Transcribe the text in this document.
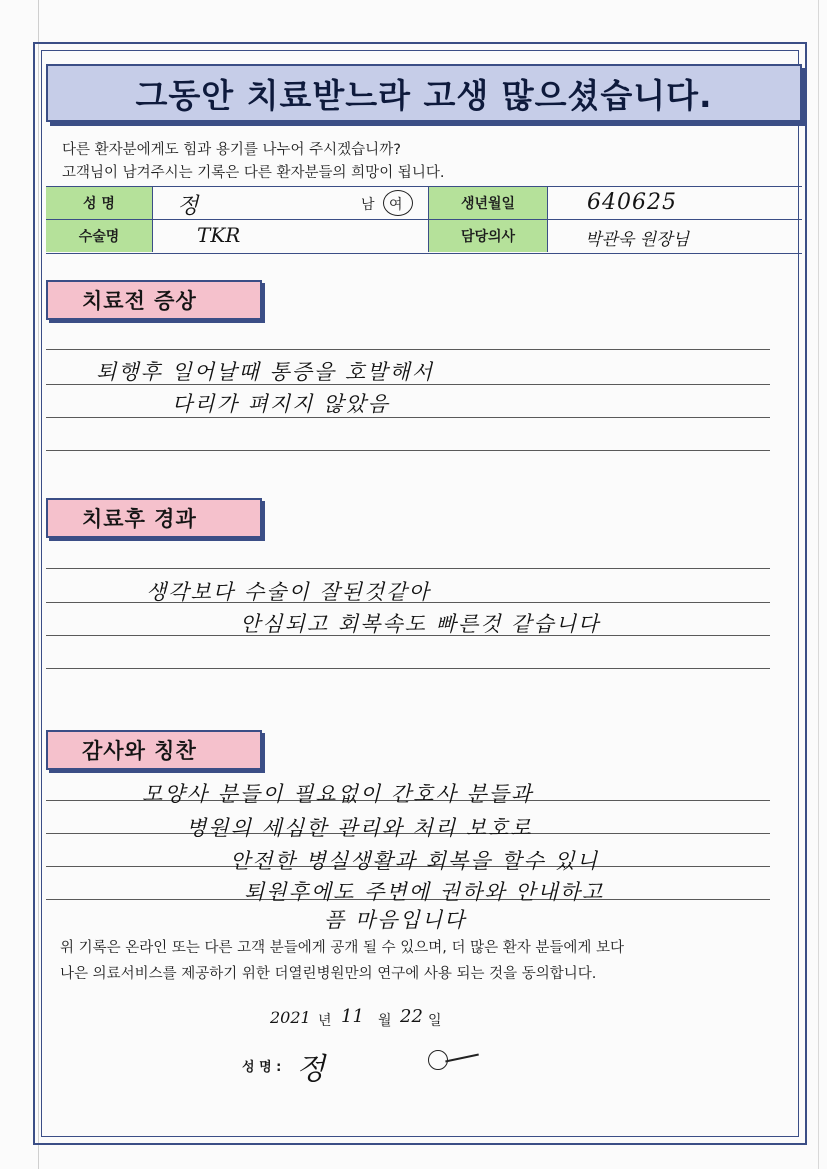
그동안 치료받느라 고생 많으셨습니다.
다른 환자분에게도 힘과 용기를 나누어 주시겠습니까?
고객님이 남겨주시는 기록은 다른 환자분들의 희망이 됩니다.
성 명	정	남 여	생년월일	640625
수술명	TKR	담당의사	박관욱 원장님
치료전 증상
퇴행후 일어날때 통증을 호발해서
다리가 펴지지 않았음
치료후 경과
생각보다 수술이 잘된것같아
안심되고 회복속도 빠른것 같습니다
감사와 칭찬
모양사 분들이 필요없이 간호사 분들과
병원의 세심한 관리와 처리 보호로
안전한 병실생활과 회복을 할수 있니
퇴원후에도 주변에 권하와 안내하고
픔 마음입니다
위 기록은 온라인 또는 다른 고객 분들에게 공개 될 수 있으며, 더 많은 환자 분들에게 보다
나은 의료서비스를 제공하기 위한 더열린병원만의 연구에 사용 되는 것을 동의합니다.
2021 년 11 월 22 일
성 명 : 정
